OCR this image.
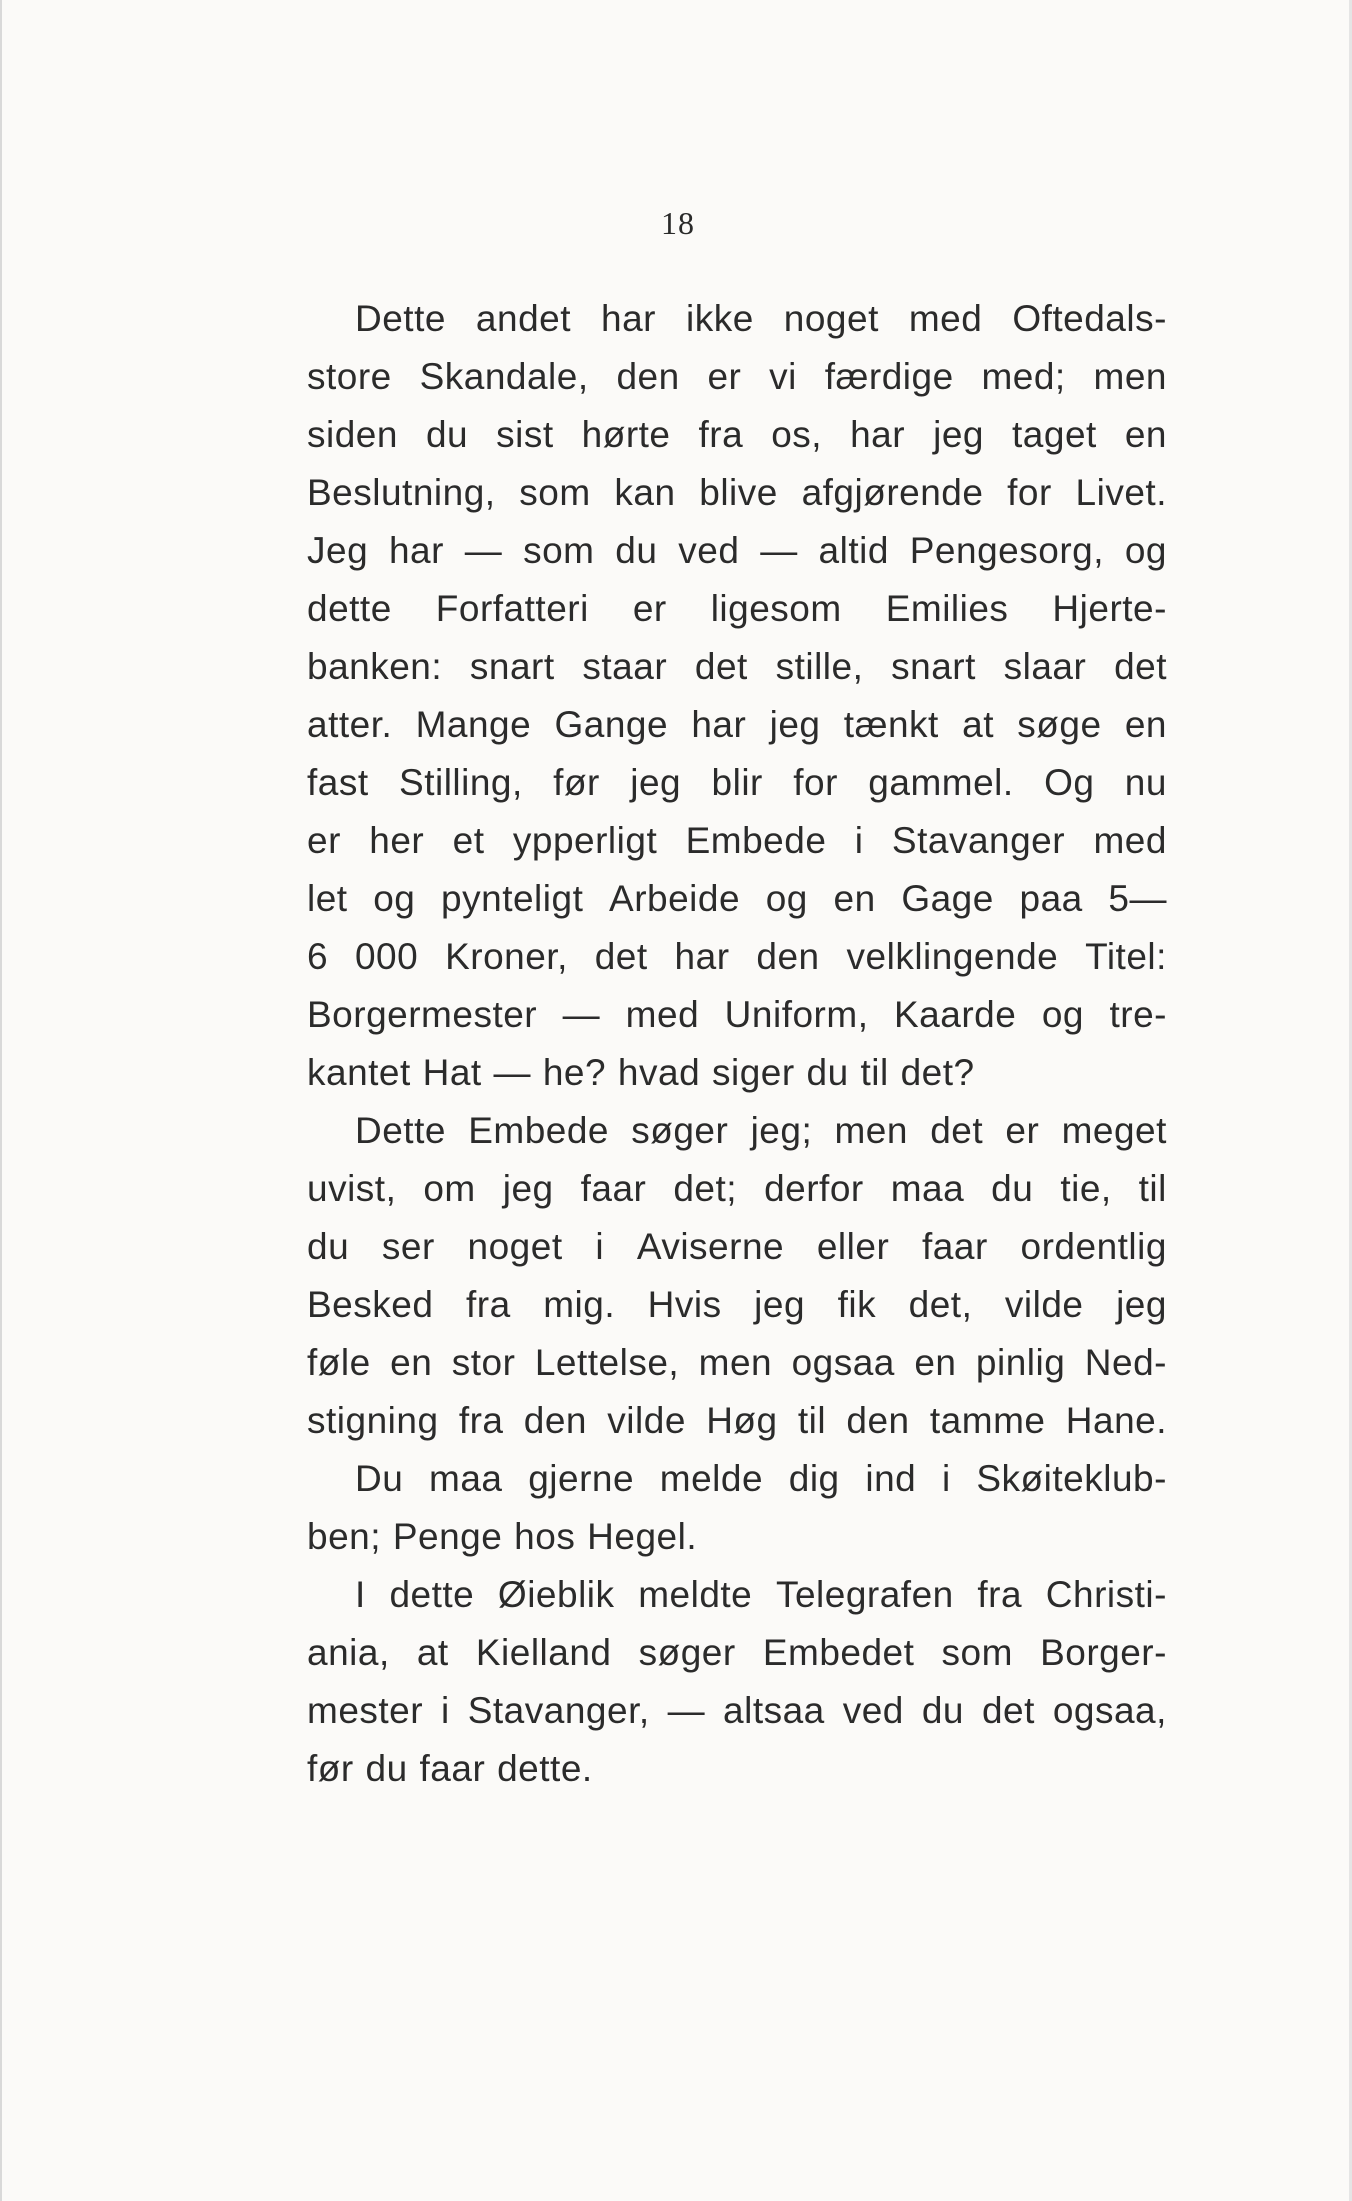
18
Dette andet har ikke noget med Oftedals-
store Skandale, den er vi færdige med; men
siden du sist hørte fra os, har jeg taget en
Beslutning, som kan blive afgjørende for Livet.
Jeg har — som du ved — altid Pengesorg, og
dette Forfatteri er ligesom Emilies Hjerte-
banken: snart staar det stille, snart slaar det
atter. Mange Gange har jeg tænkt at søge en
fast Stilling, før jeg blir for gammel. Og nu
er her et ypperligt Embede i Stavanger med
let og pynteligt Arbeide og en Gage paa 5—
6 000 Kroner, det har den velklingende Titel:
Borgermester — med Uniform, Kaarde og tre-
kantet Hat — he? hvad siger du til det?
Dette Embede søger jeg; men det er meget
uvist, om jeg faar det; derfor maa du tie, til
du ser noget i Aviserne eller faar ordentlig
Besked fra mig. Hvis jeg fik det, vilde jeg
føle en stor Lettelse, men ogsaa en pinlig Ned-
stigning fra den vilde Høg til den tamme Hane.
Du maa gjerne melde dig ind i Skøiteklub-
ben; Penge hos Hegel.
I dette Øieblik meldte Telegrafen fra Christi-
ania, at Kielland søger Embedet som Borger-
mester i Stavanger, — altsaa ved du det ogsaa,
før du faar dette.
